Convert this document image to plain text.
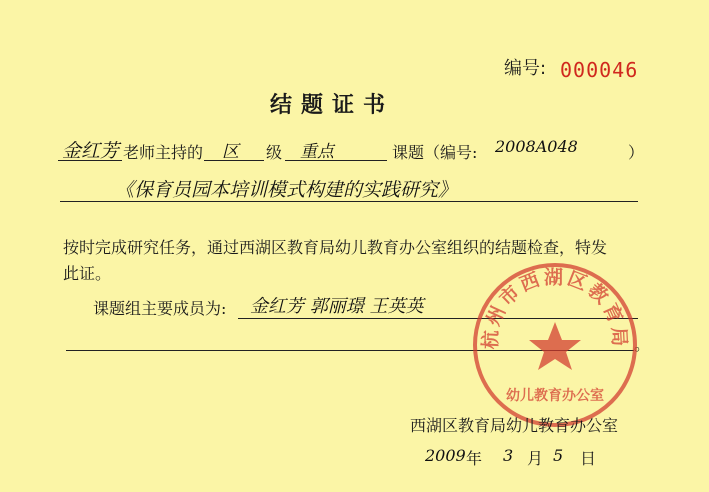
编号: 000046
结题证书
金红芳 老师主持的 区 级 重点	课题（编号: 2008A048	）
《保育员园本培训模式构建的实践研究》
按时完成研究任务，通过西湖区教育局幼儿教育办公室组织的结题检查，特发
此证。
课题组主要成员为: 金红芳 郭丽璟 王英英
。
杭州市西湖区教育局
幼儿教育办公室
西湖区教育局幼儿教育办公室
2009 年 3 月 5 日
